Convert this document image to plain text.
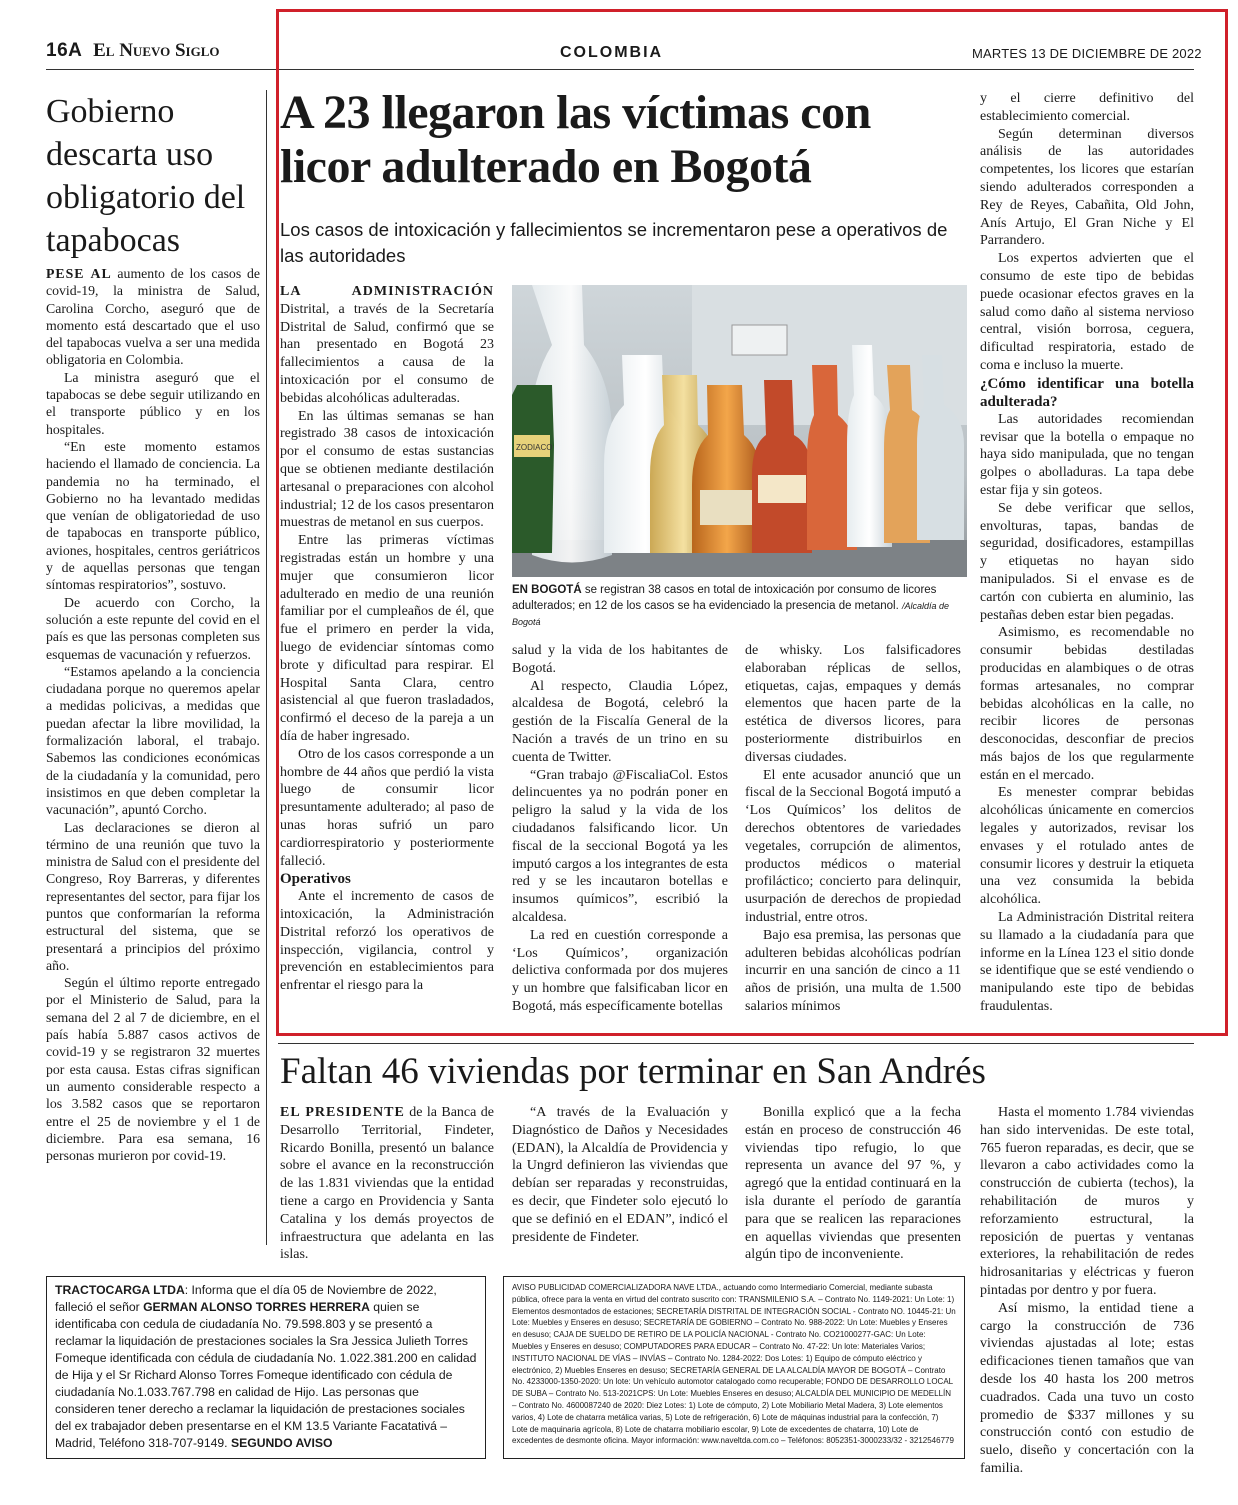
16A El Nuevo Siglo	COLOMBIA	MARTES 13 DE DICIEMBRE DE 2022
Gobierno descarta uso obligatorio del tapabocas

PESE AL aumento de los casos de covid-19, la ministra de Salud, Carolina Corcho, aseguró que de momento está descartado que el uso del tapabocas vuelva a ser una medida obligatoria en Colombia.

La ministra aseguró que el tapabocas se debe seguir utilizando en el transporte público y en los hospitales.

“En este momento estamos haciendo el llamado de conciencia. La pandemia no ha terminado, el Gobierno no ha levantado medidas que venían de obligatoriedad de uso de tapabocas en transporte público, aviones, hospitales, centros geriátricos y de aquellas personas que tengan síntomas respiratorios”, sostuvo.

De acuerdo con Corcho, la solución a este repunte del covid en el país es que las personas completen sus esquemas de vacunación y refuerzos.

“Estamos apelando a la conciencia ciudadana porque no queremos apelar a medidas policivas, a medidas que puedan afectar la libre movilidad, la formalización laboral, el trabajo. Sabemos las condiciones económicas de la ciudadanía y la comunidad, pero insistimos en que deben completar la vacunación”, apuntó Corcho.

Las declaraciones se dieron al término de una reunión que tuvo la ministra de Salud con el presidente del Congreso, Roy Barreras, y diferentes representantes del sector, para fijar los puntos que conformarían la reforma estructural del sistema, que se presentará a principios del próximo año.

Según el último reporte entregado por el Ministerio de Salud, para la semana del 2 al 7 de diciembre, en el país había 5.887 casos activos de covid-19 y se registraron 32 muertes por esta causa. Estas cifras significan un aumento considerable respecto a los 3.582 casos que se reportaron entre el 25 de noviembre y el 1 de diciembre. Para esa semana, 16 personas murieron por covid-19.

A 23 llegaron las víctimas con licor adulterado en Bogotá
Los casos de intoxicación y fallecimientos se incrementaron pese a operativos de las autoridades

LA ADMINISTRACIÓN Distrital, a través de la Secretaría Distrital de Salud, confirmó que se han presentado en Bogotá 23 fallecimientos a causa de la intoxicación por el consumo de bebidas alcohólicas adulteradas.

En las últimas semanas se han registrado 38 casos de intoxicación por el consumo de estas sustancias que se obtienen mediante destilación artesanal o preparaciones con alcohol industrial; 12 de los casos presentaron muestras de metanol en sus cuerpos.

Entre las primeras víctimas registradas están un hombre y una mujer que consumieron licor adulterado en medio de una reunión familiar por el cumpleaños de él, que fue el primero en perder la vida, luego de evidenciar síntomas como brote y dificultad para respirar. El Hospital Santa Clara, centro asistencial al que fueron trasladados, confirmó el deceso de la pareja a un día de haber ingresado.

Otro de los casos corresponde a un hombre de 44 años que perdió la vista luego de consumir licor presuntamente adulterado; al paso de unas horas sufrió un paro cardiorrespiratorio y posteriormente falleció.

Operativos

Ante el incremento de casos de intoxicación, la Administración Distrital reforzó los operativos de inspección, vigilancia, control y prevención en establecimientos para enfrentar el riesgo para la

ZODIACO
EN BOGOTÁ se registran 38 casos en total de intoxicación por consumo de licores adulterados; en 12 de los casos se ha evidenciado la presencia de metanol. /Alcaldía de Bogotá

salud y la vida de los habitantes de Bogotá.

Al respecto, Claudia López, alcaldesa de Bogotá, celebró la gestión de la Fiscalía General de la Nación a través de un trino en su cuenta de Twitter.

“Gran trabajo @FiscaliaCol. Estos delincuentes ya no podrán poner en peligro la salud y la vida de los ciudadanos falsificando licor. Un fiscal de la seccional Bogotá ya les imputó cargos a los integrantes de esta red y se les incautaron botellas e insumos químicos”, escribió la alcaldesa.

La red en cuestión corresponde a ‘Los Químicos’, organización delictiva conformada por dos mujeres y un hombre que falsificaban licor en Bogotá, más específicamente botellas

de whisky. Los falsificadores elaboraban réplicas de sellos, etiquetas, cajas, empaques y demás elementos que hacen parte de la estética de diversos licores, para posteriormente distribuirlos en diversas ciudades.

El ente acusador anunció que un fiscal de la Seccional Bogotá imputó a ‘Los Químicos’ los delitos de derechos obtentores de variedades vegetales, corrupción de alimentos, productos médicos o material profiláctico; concierto para delinquir, usurpación de derechos de propiedad industrial, entre otros.

Bajo esa premisa, las personas que adulteren bebidas alcohólicas podrían incurrir en una sanción de cinco a 11 años de prisión, una multa de 1.500 salarios mínimos

y el cierre definitivo del establecimiento comercial.

Según determinan diversos análisis de las autoridades competentes, los licores que estarían siendo adulterados corresponden a Rey de Reyes, Cabañita, Old John, Anís Artujo, El Gran Niche y El Parrandero.

Los expertos advierten que el consumo de este tipo de bebidas puede ocasionar efectos graves en la salud como daño al sistema nervioso central, visión borrosa, ceguera, dificultad respiratoria, estado de coma e incluso la muerte.

¿Cómo identificar una botella adulterada?

Las autoridades recomiendan revisar que la botella o empaque no haya sido manipulada, que no tengan golpes o abolladuras. La tapa debe estar fija y sin goteos.

Se debe verificar que sellos, envolturas, tapas, bandas de seguridad, dosificadores, estampillas y etiquetas no hayan sido manipulados. Si el envase es de cartón con cubierta en aluminio, las pestañas deben estar bien pegadas.

Asimismo, es recomendable no consumir bebidas destiladas producidas en alambiques o de otras formas artesanales, no comprar bebidas alcohólicas en la calle, no recibir licores de personas desconocidas, desconfiar de precios más bajos de los que regularmente están en el mercado.

Es menester comprar bebidas alcohólicas únicamente en comercios legales y autorizados, revisar los envases y el rotulado antes de consumir licores y destruir la etiqueta una vez consumida la bebida alcohólica.

La Administración Distrital reitera su llamado a la ciudadanía para que informe en la Línea 123 el sitio donde se identifique que se esté vendiendo o manipulando este tipo de bebidas fraudulentas.

Faltan 46 viviendas por terminar en San Andrés

EL PRESIDENTE de la Banca de Desarrollo Territorial, Findeter, Ricardo Bonilla, presentó un balance sobre el avance en la reconstrucción de las 1.831 viviendas que la entidad tiene a cargo en Providencia y Santa Catalina y los demás proyectos de infraestructura que adelanta en las islas.

“A través de la Evaluación y Diagnóstico de Daños y Necesidades (EDAN), la Alcaldía de Providencia y la Ungrd definieron las viviendas que debían ser reparadas y reconstruidas, es decir, que Findeter solo ejecutó lo que se definió en el EDAN”, indicó el presidente de Findeter.

Bonilla explicó que a la fecha están en proceso de construcción 46 viviendas tipo refugio, lo que representa un avance del 97 %, y agregó que la entidad continuará en la isla durante el período de garantía para que se realicen las reparaciones en aquellas viviendas que presenten algún tipo de inconveniente.

Hasta el momento 1.784 viviendas han sido intervenidas. De este total, 765 fueron reparadas, es decir, que se llevaron a cabo actividades como la construcción de cubierta (techos), la rehabilitación de muros y reforzamiento estructural, la reposición de puertas y ventanas exteriores, la rehabilitación de redes hidrosanitarias y eléctricas y fueron pintadas por dentro y por fuera.

Así mismo, la entidad tiene a cargo la construcción de 736 viviendas ajustadas al lote; estas edificaciones tienen tamaños que van desde los 40 hasta los 200 metros cuadrados. Cada una tuvo un costo promedio de $337 millones y su construcción contó con estudio de suelo, diseño y concertación con la familia.

TRACTOCARGA LTDA: Informa que el día 05 de Noviembre de 2022, falleció el señor GERMAN ALONSO TORRES HERRERA quien se identificaba con cedula de ciudadanía No. 79.598.803 y se presentó a reclamar la liquidación de prestaciones sociales la Sra Jessica Julieth Torres Fomeque identificada con cédula de ciudadanía No. 1.022.381.200 en calidad de Hija y el Sr Richard Alonso Torres Fomeque identificado con cédula de ciudadanía No.1.033.767.798 en calidad de Hijo. Las personas que consideren tener derecho a reclamar la liquidación de prestaciones sociales del ex trabajador deben presentarse en el KM 13.5 Variante Facatativá – Madrid, Teléfono 318-707-9149. SEGUNDO AVISO
AVISO PUBLICIDAD COMERCIALIZADORA NAVE LTDA., actuando como Intermediario Comercial, mediante subasta pública, ofrece para la venta en virtud del contrato suscrito con: TRANSMILENIO S.A. – Contrato No. 1149-2021: Un Lote: 1) Elementos desmontados de estaciones; SECRETARÍA DISTRITAL DE INTEGRACIÓN SOCIAL - Contrato NO. 10445-21: Un Lote: Muebles y Enseres en desuso; SECRETARÍA DE GOBIERNO – Contrato No. 988-2022: Un Lote: Muebles y Enseres en desuso; CAJA DE SUELDO DE RETIRO DE LA POLICÍA NACIONAL - Contrato No. CO21000277-GAC: Un Lote: Muebles y Enseres en desuso; COMPUTADORES PARA EDUCAR – Contrato No. 47-22: Un lote: Materiales Varios; INSTITUTO NACIONAL DE VÍAS – INVÍAS – Contrato No. 1284-2022: Dos Lotes: 1) Equipo de cómputo eléctrico y electrónico, 2) Muebles Enseres en desuso; SECRETARÍA GENERAL DE LA ALCALDÍA MAYOR DE BOGOTÁ – Contrato No. 4233000-1350-2020: Un lote: Un vehículo automotor catalogado como recuperable; FONDO DE DESARROLLO LOCAL DE SUBA – Contrato No. 513-2021CPS: Un Lote: Muebles Enseres en desuso; ALCALDÍA DEL MUNICIPIO DE MEDELLÍN – Contrato No. 4600087240 de 2020: Diez Lotes: 1) Lote de cómputo, 2) Lote Mobiliario Metal Madera, 3) Lote elementos varios, 4) Lote de chatarra metálica varias, 5) Lote de refrigeración, 6) Lote de máquinas industrial para la confección, 7) Lote de maquinaria agrícola, 8) Lote de chatarra mobiliario escolar, 9) Lote de excedentes de chatarra, 10) Lote de excedentes de desmonte oficina. Mayor información: www.naveltda.com.co – Teléfonos: 8052351-3000233/32 - 3212546779
